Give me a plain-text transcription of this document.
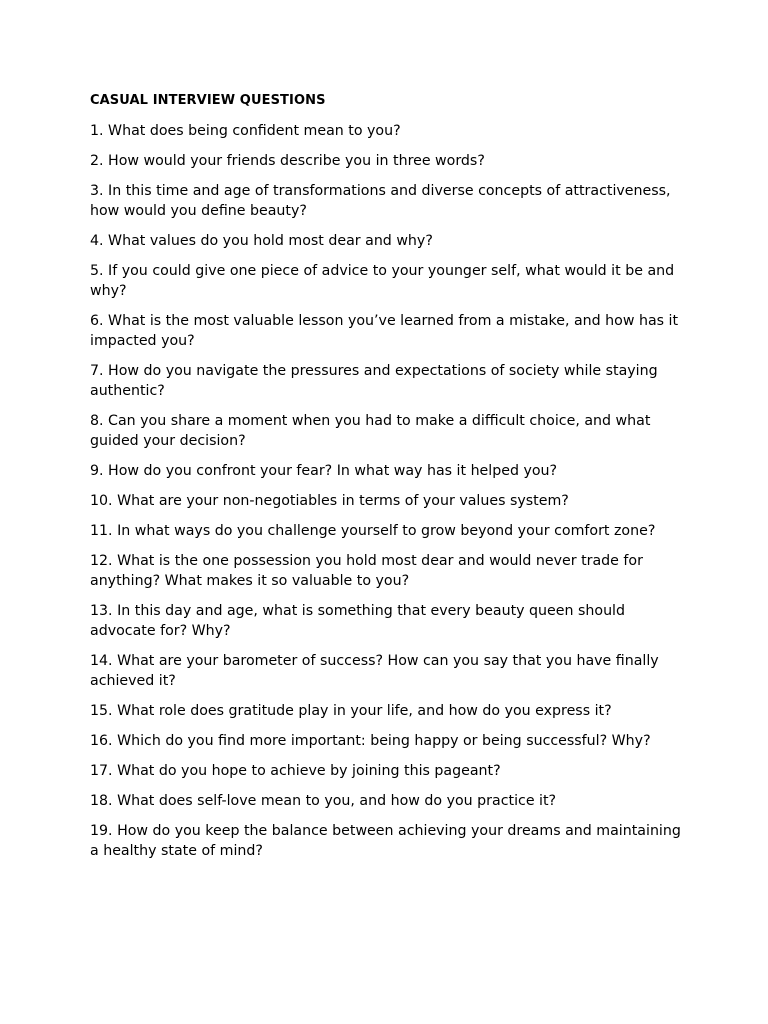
CASUAL INTERVIEW QUESTIONS

1. What does being confident mean to you?

2. How would your friends describe you in three words?

3. In this time and age of transformations and diverse concepts of attractiveness, how would you define beauty?

4. What values do you hold most dear and why?

5. If you could give one piece of advice to your younger self, what would it be and why?

6. What is the most valuable lesson you’ve learned from a mistake, and how has it impacted you?

7. How do you navigate the pressures and expectations of society while staying authentic?

8. Can you share a moment when you had to make a difficult choice, and what guided your decision?

9. How do you confront your fear? In what way has it helped you?

10. What are your non-negotiables in terms of your values system?

11. In what ways do you challenge yourself to grow beyond your comfort zone?

12. What is the one possession you hold most dear and would never trade for anything? What makes it so valuable to you?

13. In this day and age, what is something that every beauty queen should advocate for? Why?

14. What are your barometer of success? How can you say that you have finally achieved it?

15. What role does gratitude play in your life, and how do you express it?

16. Which do you find more important: being happy or being successful? Why?

17. What do you hope to achieve by joining this pageant?

18. What does self-love mean to you, and how do you practice it?

19. How do you keep the balance between achieving your dreams and maintaining a healthy state of mind?
